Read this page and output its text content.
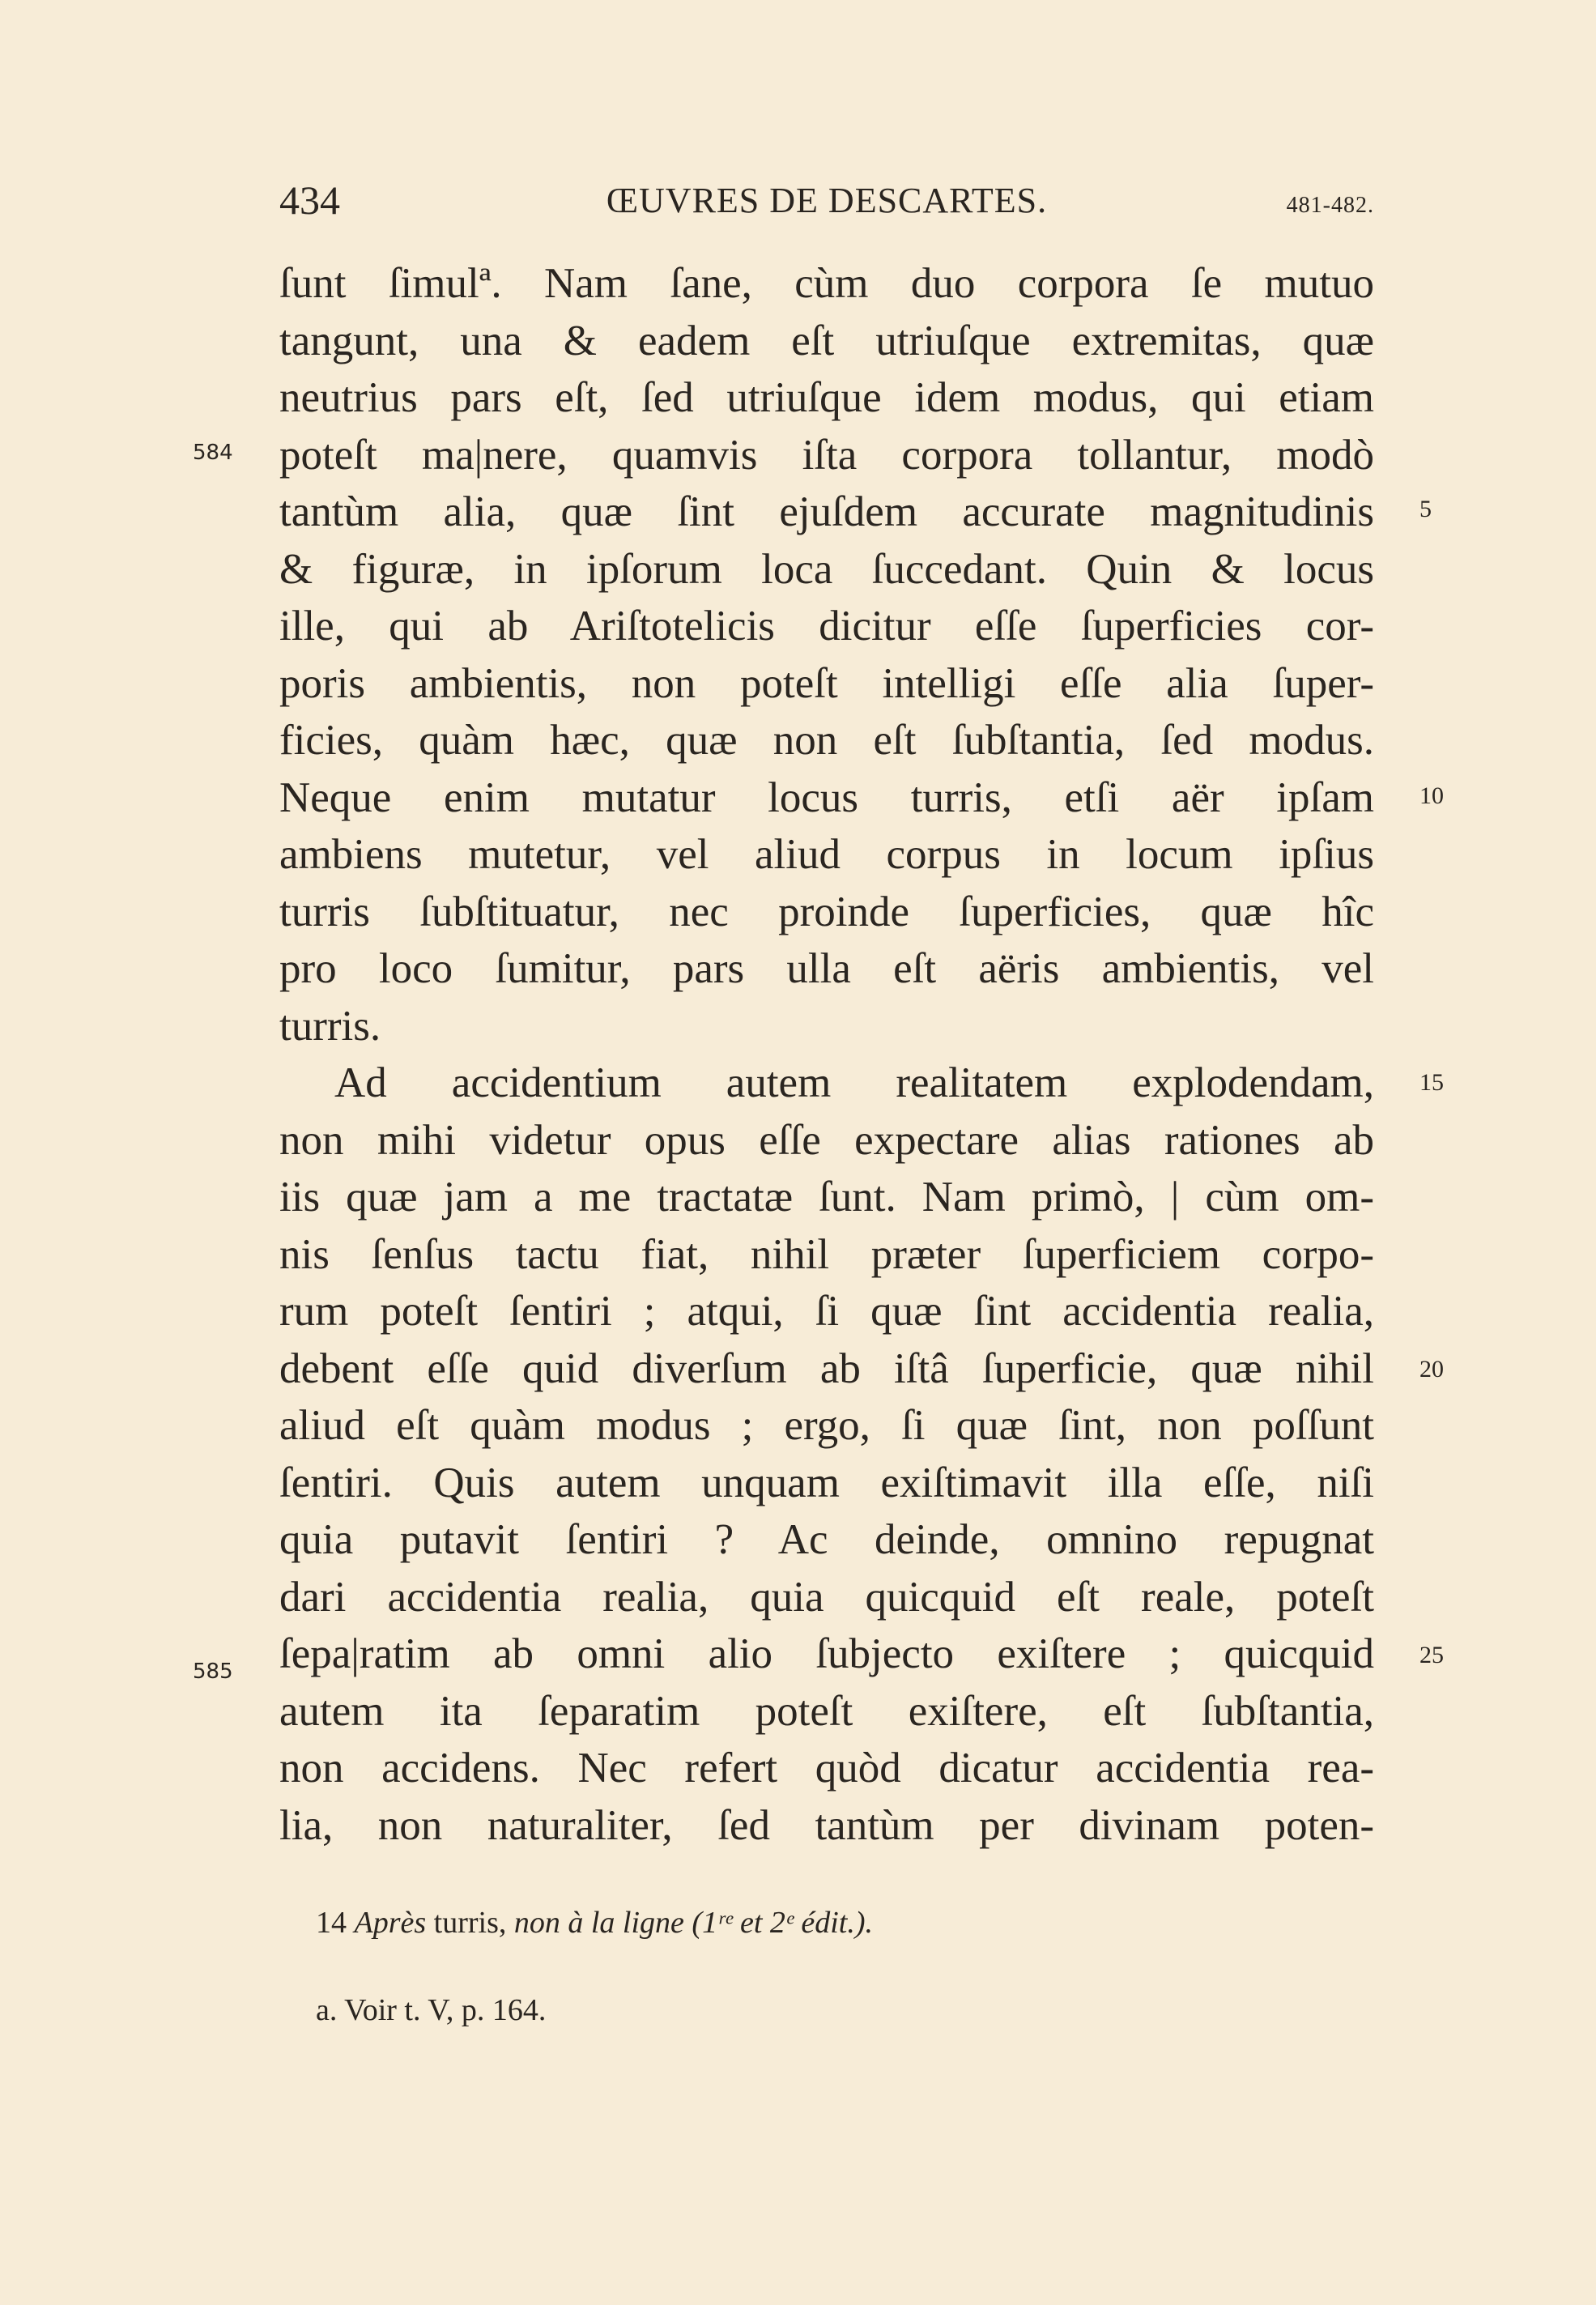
434	ŒUVRES DE DESCARTES.	481-482.
ſunt ſimulª. Nam ſane, cùm duo corpora ſe mutuo
tangunt, una & eadem eſt utriuſque extremitas, quæ
neutrius pars eſt, ſed utriuſque idem modus, qui etiam
poteſt ma|nere, quamvis iſta corpora tollantur, modò
tantùm alia, quæ ſint ejuſdem accurate magnitudinis
& figuræ, in ipſorum loca ſuccedant. Quin & locus
ille, qui ab Ariſtotelicis dicitur eſſe ſuperficies cor-
poris ambientis, non poteſt intelligi eſſe alia ſuper-
ficies, quàm hæc, quæ non eſt ſubſtantia, ſed modus.
Neque enim mutatur locus turris, etſi aër ipſam
ambiens mutetur, vel aliud corpus in locum ipſius
turris ſubſtituatur, nec proinde ſuperficies, quæ hîc
pro loco ſumitur, pars ulla eſt aëris ambientis, vel
turris.
Ad accidentium autem realitatem explodendam,
non mihi videtur opus eſſe expectare alias rationes ab
iis quæ jam a me tractatæ ſunt. Nam primò, | cùm om-
nis ſenſus tactu fiat, nihil præter ſuperficiem corpo-
rum poteſt ſentiri ; atqui, ſi quæ ſint accidentia realia,
debent eſſe quid diverſum ab iſtâ ſuperficie, quæ nihil
aliud eſt quàm modus ; ergo, ſi quæ ſint, non poſſunt
ſentiri. Quis autem unquam exiſtimavit illa eſſe, niſi
quia putavit ſentiri ? Ac deinde, omnino repugnat
dari accidentia realia, quia quicquid eſt reale, poteſt
ſepa|ratim ab omni alio ſubjecto exiſtere ; quicquid
autem ita ſeparatim poteſt exiſtere, eſt ſubſtantia,
non accidens. Nec refert quòd dicatur accidentia rea-
lia, non naturaliter, ſed tantùm per divinam poten-
584
585
5
10
15
20
25
14 Après turris, non à la ligne (1ʳᵉ et 2ᵉ édit.).
a. Voir t. V, p. 164.
